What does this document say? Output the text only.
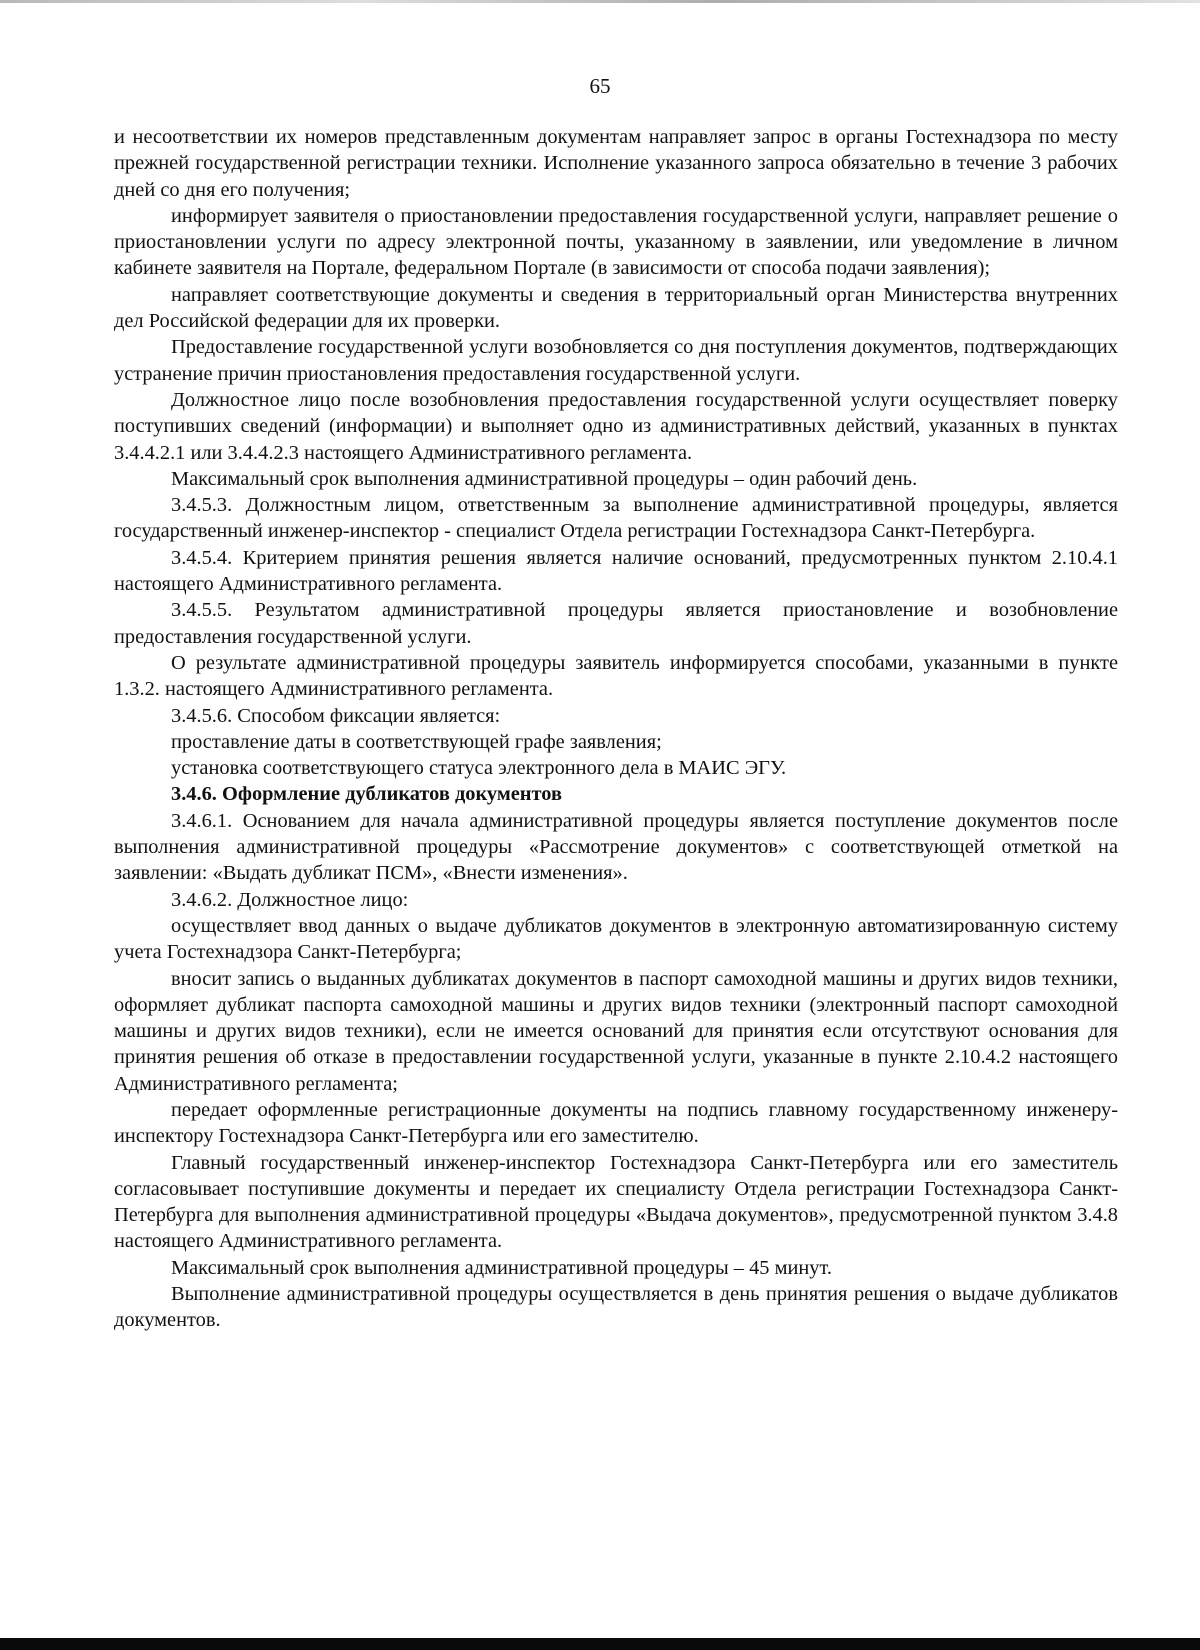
65

и несоответствии их номеров представленным документам направляет запрос в органы Гостехнадзора по месту прежней государственной регистрации техники. Исполнение указанного запроса обязательно в течение 3 рабочих дней со дня его получения;

информирует заявителя о приостановлении предоставления государственной услуги, направляет решение о приостановлении услуги по адресу электронной почты, указанному в заявлении, или уведомление в личном кабинете заявителя на Портале, федеральном Портале (в зависимости от способа подачи заявления);

направляет соответствующие документы и сведения в территориальный орган Министерства внутренних дел Российской федерации для их проверки.

Предоставление государственной услуги возобновляется со дня поступления документов, подтверждающих устранение причин приостановления предоставления государственной услуги.

Должностное лицо после возобновления предоставления государственной услуги осуществляет поверку поступивших сведений (информации) и выполняет одно из административных действий, указанных в пунктах 3.4.4.2.1 или 3.4.4.2.3 настоящего Административного регламента.

Максимальный срок выполнения административной процедуры – один рабочий день.

3.4.5.3. Должностным лицом, ответственным за выполнение административной процедуры, является государственный инженер-инспектор - специалист Отдела регистрации Гостехнадзора Санкт-Петербурга.

3.4.5.4. Критерием принятия решения является наличие оснований, предусмотренных пунктом 2.10.4.1 настоящего Административного регламента.

3.4.5.5. Результатом административной процедуры является приостановление и возобновление предоставления государственной услуги.

О результате административной процедуры заявитель информируется способами, указанными в пункте 1.3.2. настоящего Административного регламента.

3.4.5.6. Способом фиксации является:

проставление даты в соответствующей графе заявления;

установка соответствующего статуса электронного дела в МАИС ЭГУ.

3.4.6. Оформление дубликатов документов

3.4.6.1. Основанием для начала административной процедуры является поступление документов после выполнения административной процедуры «Рассмотрение документов» с соответствующей отметкой на заявлении: «Выдать дубликат ПСМ», «Внести изменения».

3.4.6.2. Должностное лицо:

осуществляет ввод данных о выдаче дубликатов документов в электронную автоматизированную систему учета Гостехнадзора Санкт-Петербурга;

вносит запись о выданных дубликатах документов в паспорт самоходной машины и других видов техники, оформляет дубликат паспорта самоходной машины и других видов техники (электронный паспорт самоходной машины и других видов техники), если не имеется оснований для принятия если отсутствуют основания для принятия решения об отказе в предоставлении государственной услуги, указанные в пункте 2.10.4.2 настоящего Административного регламента;

передает оформленные регистрационные документы на подпись главному государственному инженеру-инспектору Гостехнадзора Санкт-Петербурга или его заместителю.

Главный государственный инженер-инспектор Гостехнадзора Санкт-Петербурга или его заместитель согласовывает поступившие документы и передает их специалисту Отдела регистрации Гостехнадзора Санкт-Петербурга для выполнения административной процедуры «Выдача документов», предусмотренной пунктом 3.4.8 настоящего Административного регламента.

Максимальный срок выполнения административной процедуры – 45 минут.

Выполнение административной процедуры осуществляется в день принятия решения о выдаче дубликатов документов.
